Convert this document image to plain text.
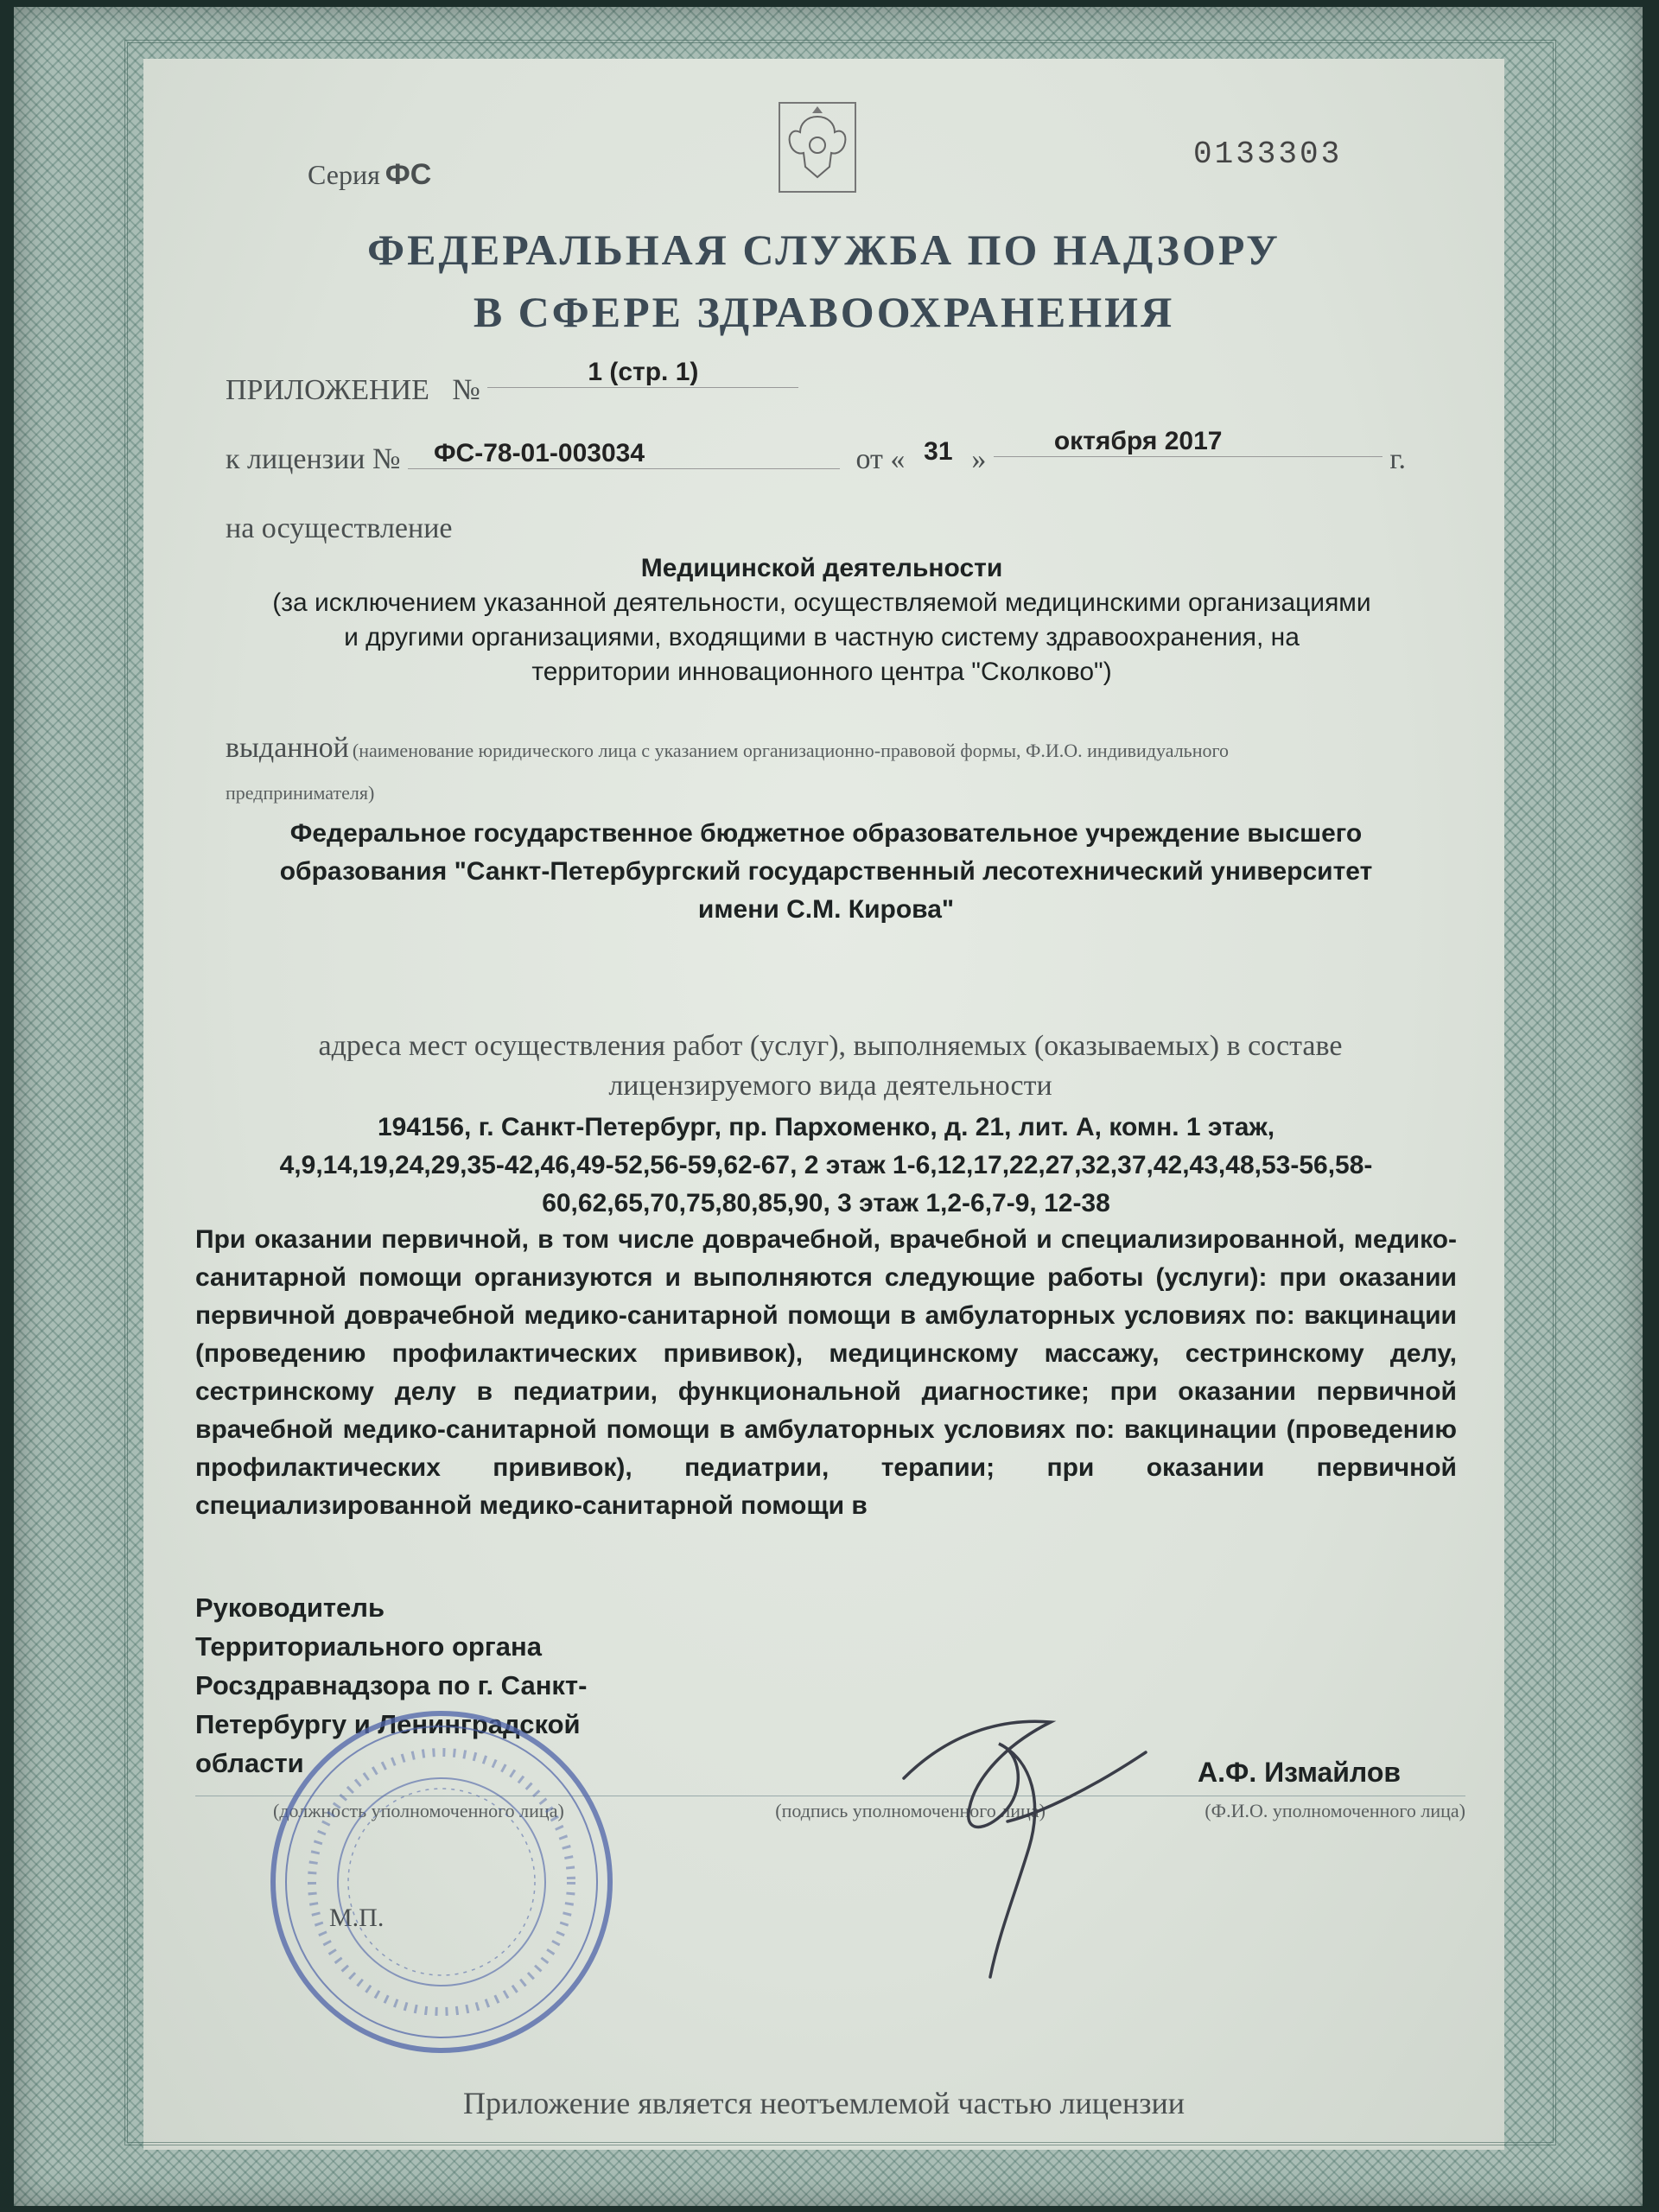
Серия ФС
0133303
ФЕДЕРАЛЬНАЯ СЛУЖБА ПО НАДЗОРУ
В СФЕРЕ ЗДРАВООХРАНЕНИЯ
ПРИЛОЖЕНИЕ № 1 (стр. 1)
к лицензии № ФС-78-01-003034	от « 31 » октября 2017 г.
на осуществление
Медицинской деятельности
(за исключением указанной деятельности, осуществляемой медицинскими организациями
и другими организациями, входящими в частную систему здравоохранения, на
территории инновационного центра "Сколково")
выданной (наименование юридического лица с указанием организационно-правовой формы, Ф.И.О. индивидуального
предпринимателя)
Федеральное государственное бюджетное образовательное учреждение высшего
образования "Санкт-Петербургский государственный лесотехнический университет
имени С.М. Кирова"
адреса мест осуществления работ (услуг), выполняемых (оказываемых) в составе
лицензируемого вида деятельности
194156, г. Санкт-Петербург, пр. Пархоменко, д. 21, лит. А, комн. 1 этаж,
4,9,14,19,24,29,35-42,46,49-52,56-59,62-67, 2 этаж 1-6,12,17,22,27,32,37,42,43,48,53-56,58-
60,62,65,70,75,80,85,90, 3 этаж 1,2-6,7-9, 12-38
При оказании первичной, в том числе доврачебной, врачебной и специализированной, медико-санитарной помощи организуются и выполняются следующие работы (услуги): при оказании первичной доврачебной медико-санитарной помощи в амбулаторных условиях по: вакцинации (проведению профилактических прививок), медицинскому массажу, сестринскому делу, сестринскому делу в педиатрии, функциональной диагностике; при оказании первичной врачебной медико-санитарной помощи в амбулаторных условиях по: вакцинации (проведению профилактических прививок), педиатрии, терапии; при оказании первичной специализированной медико-санитарной помощи в
Руководитель
Территориального органа
Росздравнадзора по г. Санкт-
Петербургу и Ленинградской
области	А.Ф. Измайлов
(должность уполномоченного лица)	(подпись уполномоченного лица)	(Ф.И.О. уполномоченного лица)
М.П.
Приложение является неотъемлемой частью лицензии
